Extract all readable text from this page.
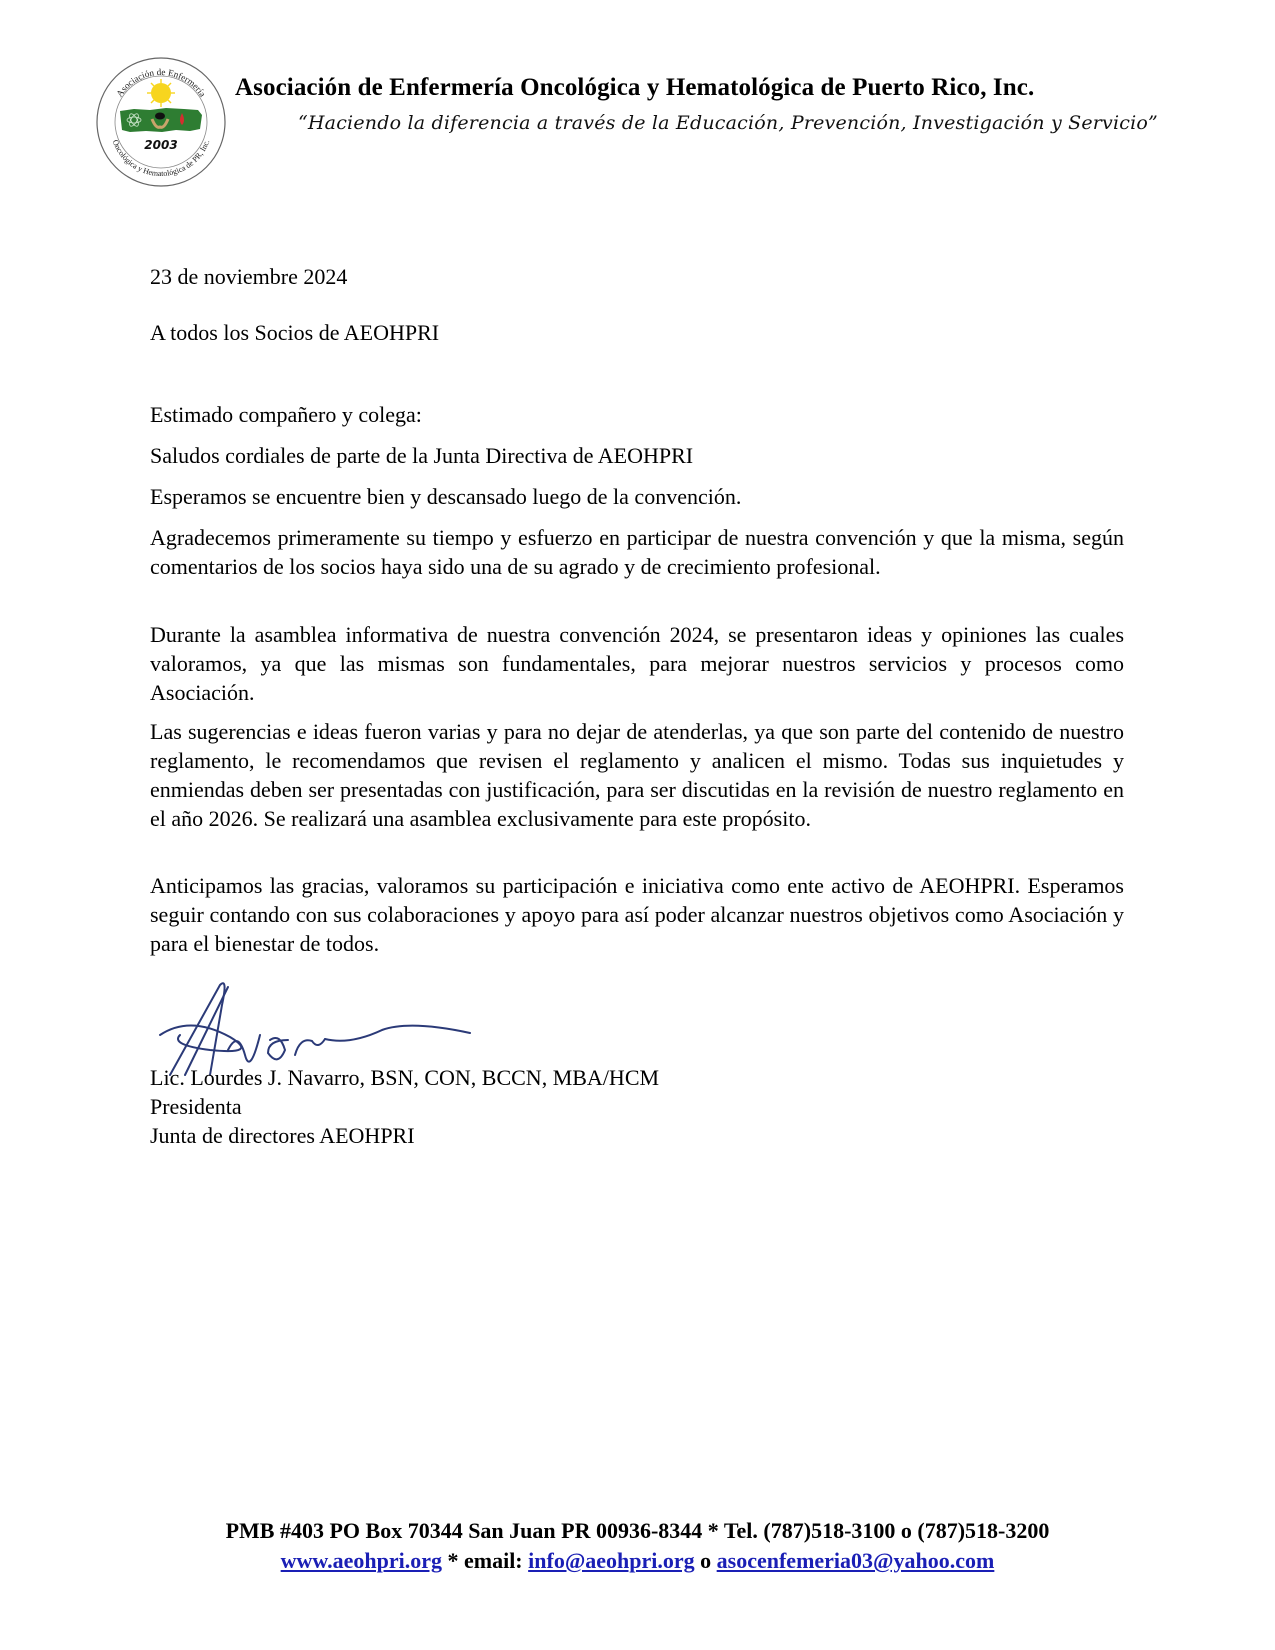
Asociación de Enfermería
Oncológica y Hematológica de PR, Inc.
2003
Asociación de Enfermería Oncológica y Hematológica de Puerto Rico, Inc.
“Haciendo la diferencia a través de la Educación, Prevención, Investigación y Servicio”
23 de noviembre 2024
A todos los Socios de AEOHPRI
Estimado compañero y colega:
Saludos cordiales de parte de la Junta Directiva de AEOHPRI
Esperamos se encuentre bien y descansado luego de la convención.
Agradecemos primeramente su tiempo y esfuerzo en participar de nuestra convención y que la misma, según comentarios de los socios haya sido una de su agrado y de crecimiento profesional.
Durante la asamblea informativa de nuestra convención 2024, se presentaron ideas y opiniones las cuales valoramos, ya que las mismas son fundamentales, para mejorar nuestros servicios y procesos como Asociación.
Las sugerencias e ideas fueron varias y para no dejar de atenderlas, ya que son parte del contenido de nuestro reglamento, le recomendamos que revisen el reglamento y analicen el mismo. Todas sus inquietudes y enmiendas deben ser presentadas con justificación, para ser discutidas en la revisión de nuestro reglamento en el año 2026. Se realizará una asamblea exclusivamente para este propósito.
Anticipamos las gracias, valoramos su participación e iniciativa como ente activo de AEOHPRI. Esperamos seguir contando con sus colaboraciones y apoyo para así poder alcanzar nuestros objetivos como Asociación y para el bienestar de todos.
Lic. Lourdes J. Navarro, BSN, CON, BCCN, MBA/HCM
Presidenta
Junta de directores AEOHPRI
PMB #403 PO Box 70344 San Juan PR 00936-8344 * Tel. (787)518-3100 o (787)518-3200
www.aeohpri.org * email: info@aeohpri.org o asocenfemeria03@yahoo.com
